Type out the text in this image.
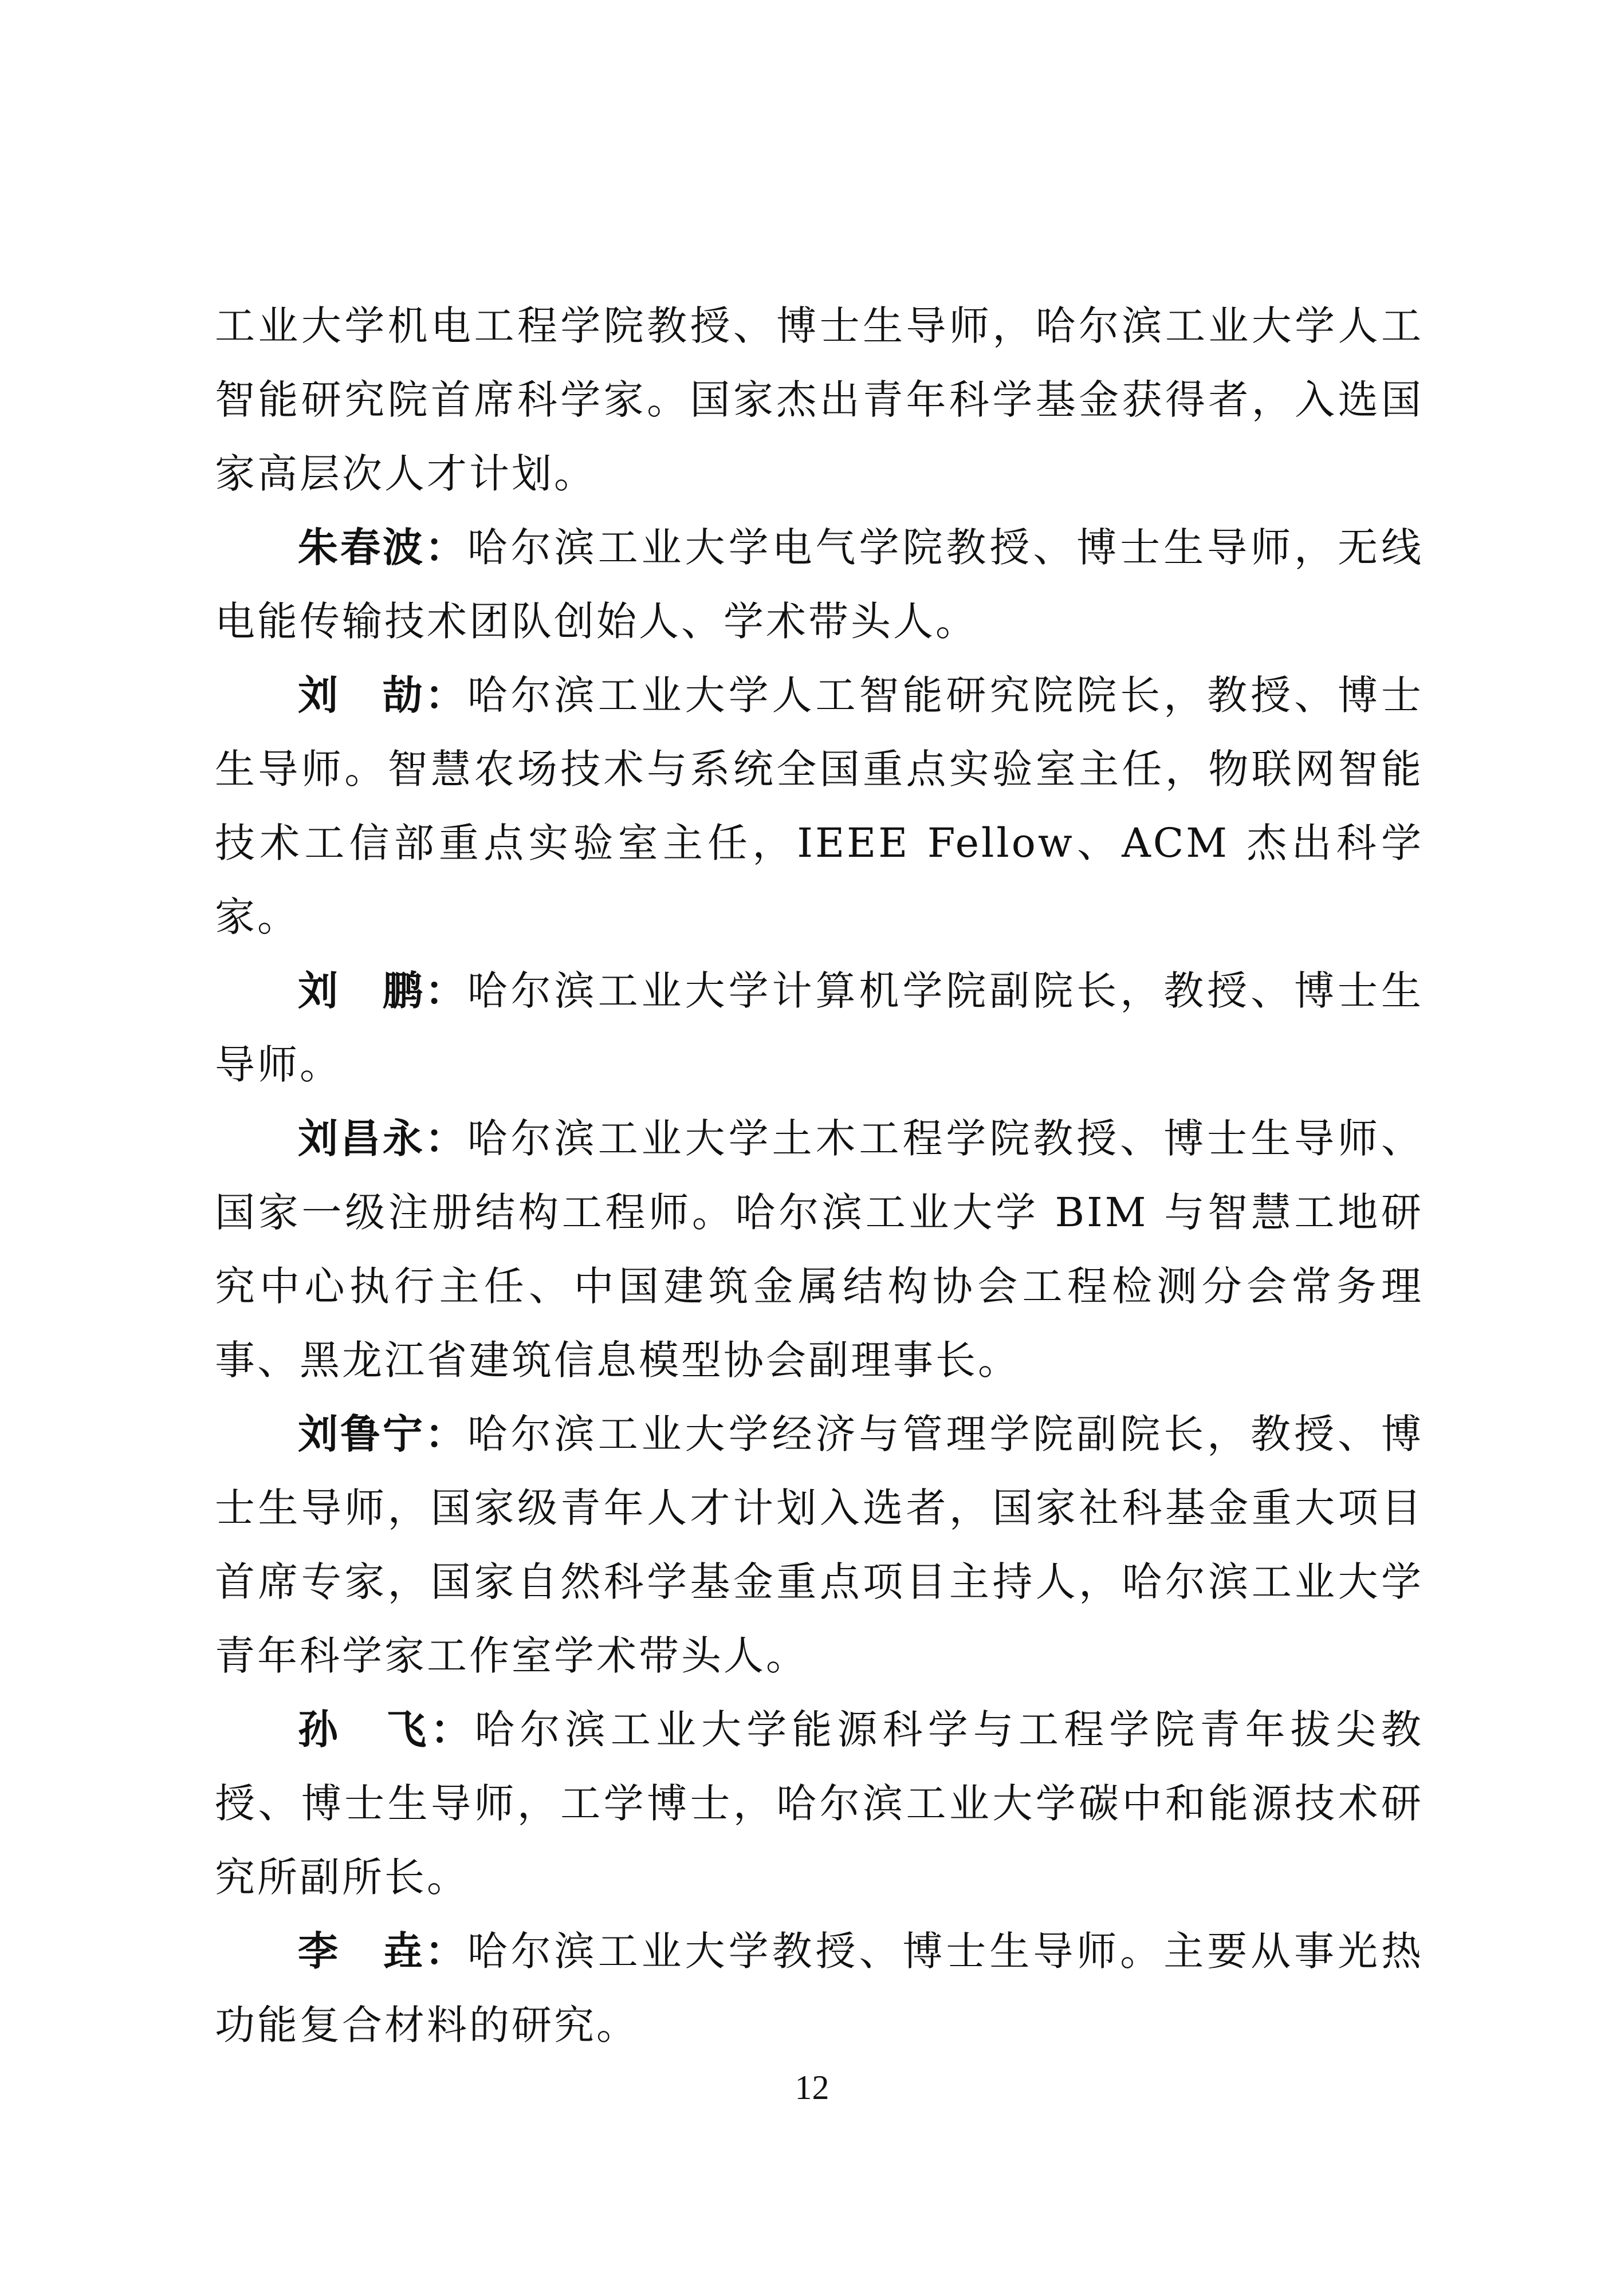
工业大学机电工程学院教授、博士生导师，哈尔滨工业大学人工智能研究院首席科学家。国家杰出青年科学基金获得者，入选国家高层次人才计划。

朱春波：哈尔滨工业大学电气学院教授、博士生导师，无线电能传输技术团队创始人、学术带头人。

刘　劼：哈尔滨工业大学人工智能研究院院长，教授、博士生导师。智慧农场技术与系统全国重点实验室主任，物联网智能技术工信部重点实验室主任，IEEE Fellow、ACM 杰出科学家。

刘　鹏：哈尔滨工业大学计算机学院副院长，教授、博士生导师。

刘昌永：哈尔滨工业大学土木工程学院教授、博士生导师、国家一级注册结构工程师。哈尔滨工业大学 BIM 与智慧工地研究中心执行主任、中国建筑金属结构协会工程检测分会常务理事、黑龙江省建筑信息模型协会副理事长。

刘鲁宁：哈尔滨工业大学经济与管理学院副院长，教授、博士生导师，国家级青年人才计划入选者，国家社科基金重大项目首席专家，国家自然科学基金重点项目主持人，哈尔滨工业大学青年科学家工作室学术带头人。

孙　飞：哈尔滨工业大学能源科学与工程学院青年拔尖教授、博士生导师，工学博士，哈尔滨工业大学碳中和能源技术研究所副所长。

李　垚：哈尔滨工业大学教授、博士生导师。主要从事光热功能复合材料的研究。

12
